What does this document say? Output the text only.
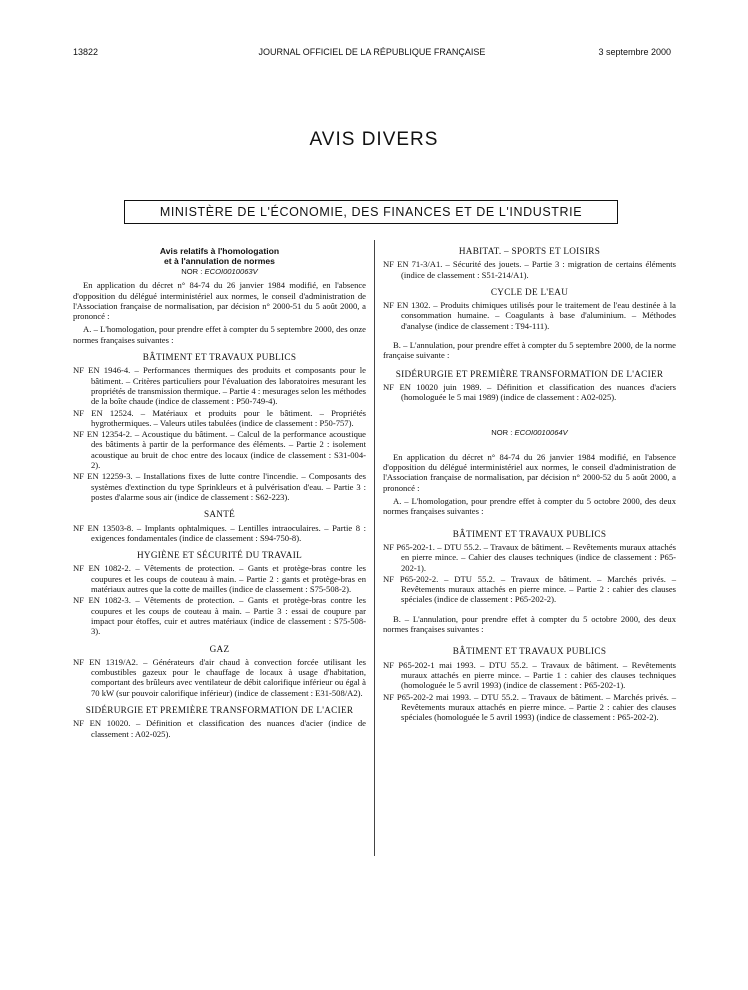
13822	JOURNAL OFFICIEL DE LA RÉPUBLIQUE FRANÇAISE	3 septembre 2000
AVIS DIVERS
MINISTÈRE DE L'ÉCONOMIE, DES FINANCES ET DE L'INDUSTRIE
Avis relatifs à l'homologation
et à l'annulation de normes
NOR : ECOI0010063V
En application du décret n° 84-74 du 26 janvier 1984 modifié, en l'absence d'opposition du délégué interministériel aux normes, le conseil d'administration de l'Association française de normalisation, par décision n° 2000-51 du 5 août 2000, a prononcé :
A. – L'homologation, pour prendre effet à compter du 5 septembre 2000, des onze normes françaises suivantes :
BÂTIMENT ET TRAVAUX PUBLICS
NF EN 1946-4. – Performances thermiques des produits et composants pour le bâtiment. – Critères particuliers pour l'évaluation des laboratoires mesurant les propriétés de transmission thermique. – Partie 4 : mesurages selon les méthodes de la boîte chaude (indice de classement : P50-749-4).
NF EN 12524. – Matériaux et produits pour le bâtiment. – Propriétés hygrothermiques. – Valeurs utiles tabulées (indice de classement : P50-757).
NF EN 12354-2. – Acoustique du bâtiment. – Calcul de la performance acoustique des bâtiments à partir de la performance des éléments. – Partie 2 : isolement acoustique au bruit de choc entre des locaux (indice de classement : S31-004-2).
NF EN 12259-3. – Installations fixes de lutte contre l'incendie. – Composants des systèmes d'extinction du type Sprinkleurs et à pulvérisation d'eau. – Partie 3 : postes d'alarme sous air (indice de classement : S62-223).
SANTÉ
NF EN 13503-8. – Implants ophtalmiques. – Lentilles intraoculaires. – Partie 8 : exigences fondamentales (indice de classement : S94-750-8).
HYGIÈNE ET SÉCURITÉ DU TRAVAIL
NF EN 1082-2. – Vêtements de protection. – Gants et protège-bras contre les coupures et les coups de couteau à main. – Partie 2 : gants et protège-bras en matériaux autres que la cotte de mailles (indice de classement : S75-508-2).
NF EN 1082-3. – Vêtements de protection. – Gants et protège-bras contre les coupures et les coups de couteau à main. – Partie 3 : essai de coupure par impact pour étoffes, cuir et autres matériaux (indice de classement : S75-508-3).
GAZ
NF EN 1319/A2. – Générateurs d'air chaud à convection forcée utilisant les combustibles gazeux pour le chauffage de locaux à usage d'habitation, comportant des brûleurs avec ventilateur de débit calorifique inférieur ou égal à 70 kW (sur pouvoir calorifique inférieur) (indice de classement : E31-508/A2).
SIDÉRURGIE ET PREMIÈRE TRANSFORMATION DE L'ACIER
NF EN 10020. – Définition et classification des nuances d'acier (indice de classement : A02-025).
HABITAT. – SPORTS ET LOISIRS
NF EN 71-3/A1. – Sécurité des jouets. – Partie 3 : migration de certains éléments (indice de classement : S51-214/A1).
CYCLE DE L'EAU
NF EN 1302. – Produits chimiques utilisés pour le traitement de l'eau destinée à la consommation humaine. – Coagulants à base d'aluminium. – Méthodes d'analyse (indice de classement : T94-111).
B. – L'annulation, pour prendre effet à compter du 5 septembre 2000, de la norme française suivante :
SIDÉRURGIE ET PREMIÈRE TRANSFORMATION DE L'ACIER
NF EN 10020 juin 1989. – Définition et classification des nuances d'aciers (homologuée le 5 mai 1989) (indice de classement : A02-025).
NOR : ECOI0010064V
En application du décret n° 84-74 du 26 janvier 1984 modifié, en l'absence d'opposition du délégué interministériel aux normes, le conseil d'administration de l'Association française de normalisation, par décision n° 2000-52 du 5 août 2000, a prononcé :
A. – L'homologation, pour prendre effet à compter du 5 octobre 2000, des deux normes françaises suivantes :
BÂTIMENT ET TRAVAUX PUBLICS
NF P65-202-1. – DTU 55.2. – Travaux de bâtiment. – Revêtements muraux attachés en pierre mince. – Cahier des clauses techniques (indice de classement : P65-202-1).
NF P65-202-2. – DTU 55.2. – Travaux de bâtiment. – Marchés privés. – Revêtements muraux attachés en pierre mince. – Partie 2 : cahier des clauses spéciales (indice de classement : P65-202-2).
B. – L'annulation, pour prendre effet à compter du 5 octobre 2000, des deux normes françaises suivantes :
BÂTIMENT ET TRAVAUX PUBLICS
NF P65-202-1 mai 1993. – DTU 55.2. – Travaux de bâtiment. – Revêtements muraux attachés en pierre mince. – Partie 1 : cahier des clauses techniques (homologuée le 5 avril 1993) (indice de classement : P65-202-1).
NF P65-202-2 mai 1993. – DTU 55.2. – Travaux de bâtiment. – Marchés privés. – Revêtements muraux attachés en pierre mince. – Partie 2 : cahier des clauses spéciales (homologuée le 5 avril 1993) (indice de classement : P65-202-2).
